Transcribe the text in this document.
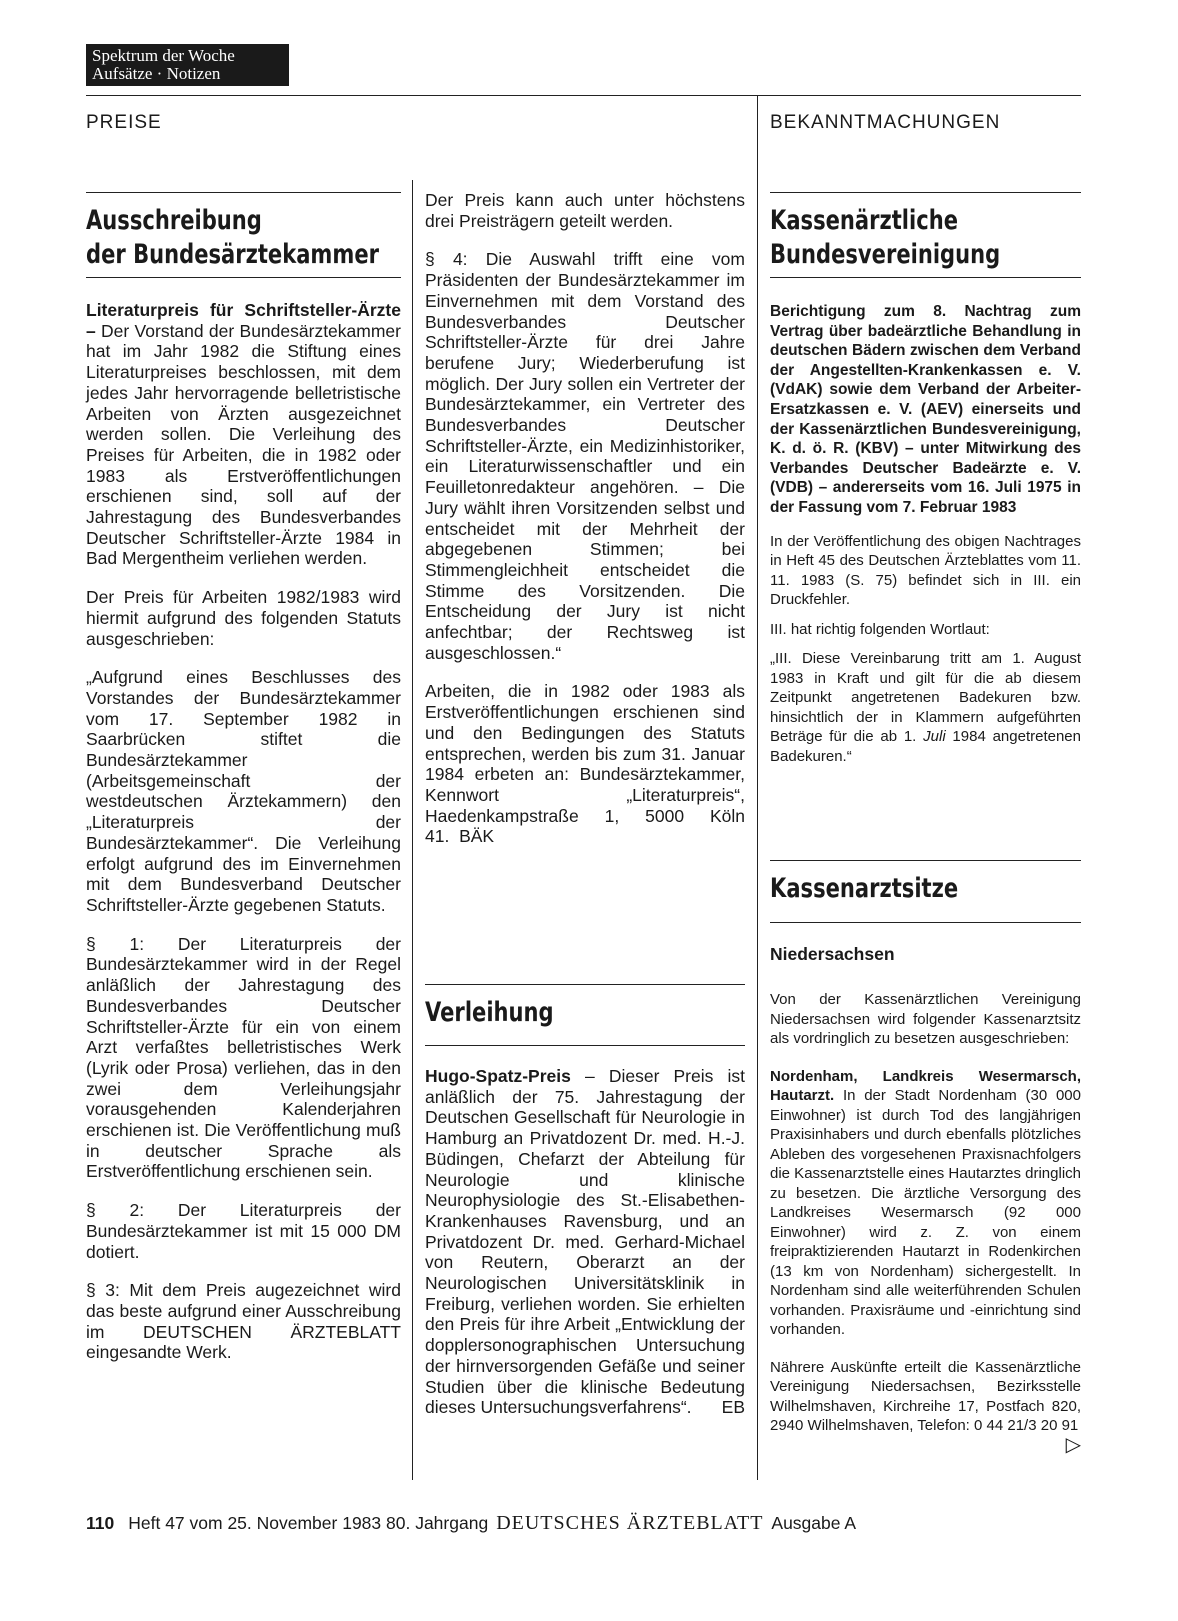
Spektrum der Woche
Aufsätze · Notizen
PREISE	BEKANNTMACHUNGEN
Ausschreibung
der Bundesärztekammer

Literaturpreis für Schriftsteller-Ärzte – Der Vorstand der Bundesärztekammer hat im Jahr 1982 die Stiftung eines Literaturpreises beschlossen, mit dem jedes Jahr hervorragende belletristische Arbeiten von Ärzten ausgezeichnet werden sollen. Die Verleihung des Preises für Arbeiten, die in 1982 oder 1983 als Erstveröffentlichungen erschienen sind, soll auf der Jahrestagung des Bundesverbandes Deutscher Schriftsteller-Ärzte 1984 in Bad Mergentheim verliehen werden.

Der Preis für Arbeiten 1982/1983 wird hiermit aufgrund des folgenden Statuts ausgeschrieben:

„Aufgrund eines Beschlusses des Vorstandes der Bundesärztekammer vom 17. September 1982 in Saarbrücken stiftet die Bundesärztekammer (Arbeitsgemeinschaft der westdeutschen Ärztekammern) den „Literaturpreis der Bundesärztekammer“. Die Verleihung erfolgt aufgrund des im Einvernehmen mit dem Bundesverband Deutscher Schriftsteller-Ärzte gegebenen Statuts.

§ 1: Der Literaturpreis der Bundesärztekammer wird in der Regel anläßlich der Jahrestagung des Bundesverbandes Deutscher Schriftsteller-Ärzte für ein von einem Arzt verfaßtes belletristisches Werk (Lyrik oder Prosa) verliehen, das in den zwei dem Verleihungsjahr vorausgehenden Kalenderjahren erschienen ist. Die Veröffentlichung muß in deutscher Sprache als Erstveröffentlichung erschienen sein.

§ 2: Der Literaturpreis der Bundesärztekammer ist mit 15 000 DM dotiert.

§ 3: Mit dem Preis augezeichnet wird das beste aufgrund einer Ausschreibung im DEUTSCHEN ÄRZTEBLATT eingesandte Werk.

Der Preis kann auch unter höchstens drei Preisträgern geteilt werden.

§ 4: Die Auswahl trifft eine vom Präsidenten der Bundesärztekammer im Einvernehmen mit dem Vorstand des Bundesverbandes Deutscher Schriftsteller-Ärzte für drei Jahre berufene Jury; Wiederberufung ist möglich. Der Jury sollen ein Vertreter der Bundesärztekammer, ein Vertreter des Bundesverbandes Deutscher Schriftsteller-Ärzte, ein Medizinhistoriker, ein Literaturwissenschaftler und ein Feuilletonredakteur angehören. – Die Jury wählt ihren Vorsitzenden selbst und entscheidet mit der Mehrheit der abgegebenen Stimmen; bei Stimmengleichheit entscheidet die Stimme des Vorsitzenden. Die Entscheidung der Jury ist nicht anfechtbar; der Rechtsweg ist ausgeschlossen.“

Arbeiten, die in 1982 oder 1983 als Erstveröffentlichungen erschienen sind und den Bedingungen des Statuts entsprechen, werden bis zum 31. Januar 1984 erbeten an: Bundesärztekammer, Kennwort „Literaturpreis“, Haedenkampstraße 1, 5000 Köln 41. BÄK

Verleihung

Hugo-Spatz-Preis – Dieser Preis ist anläßlich der 75. Jahrestagung der Deutschen Gesellschaft für Neurologie in Hamburg an Privatdozent Dr. med. H.-J. Büdingen, Chefarzt der Abteilung für Neurologie und klinische Neurophysiologie des St.-Elisabethen-Krankenhauses Ravensburg, und an Privatdozent Dr. med. Gerhard-Michael von Reutern, Oberarzt an der Neurologischen Universitätsklinik in Freiburg, verliehen worden. Sie erhielten den Preis für ihre Arbeit „Entwicklung der dopplersonographischen Untersuchung der hirnversorgenden Gefäße und seiner Studien über die klinische Bedeutung dieses Untersuchungsverfahrens“. EB

Kassenärztliche
Bundesvereinigung

Berichtigung zum 8. Nachtrag zum Vertrag über badeärztliche Behandlung in deutschen Bädern zwischen dem Verband der Angestellten-Krankenkassen e. V. (VdAK) sowie dem Verband der Arbeiter-Ersatzkassen e. V. (AEV) einerseits und der Kassenärztlichen Bundesvereinigung, K. d. ö. R. (KBV) – unter Mitwirkung des Verbandes Deutscher Badeärzte e. V. (VDB) – andererseits vom 16. Juli 1975 in der Fassung vom 7. Februar 1983

In der Veröffentlichung des obigen Nachtrages in Heft 45 des Deutschen Ärzteblattes vom 11. 11. 1983 (S. 75) befindet sich in III. ein Druckfehler.

III. hat richtig folgenden Wortlaut:

„III. Diese Vereinbarung tritt am 1. August 1983 in Kraft und gilt für die ab diesem Zeitpunkt angetretenen Badekuren bzw. hinsichtlich der in Klammern aufgeführten Beträge für die ab 1. Juli 1984 angetretenen Badekuren.“

Kassenarztsitze
Niedersachsen

Von der Kassenärztlichen Vereinigung Niedersachsen wird folgender Kassenarztsitz als vordringlich zu besetzen ausgeschrieben:

Nordenham, Landkreis Wesermarsch, Hautarzt. In der Stadt Nordenham (30 000 Einwohner) ist durch Tod des langjährigen Praxisinhabers und durch ebenfalls plötzliches Ableben des vorgesehenen Praxisnachfolgers die Kassenarztstelle eines Hautarztes dringlich zu besetzen. Die ärztliche Versorgung des Landkreises Wesermarsch (92 000 Einwohner) wird z. Z. von einem freipraktizierenden Hautarzt in Rodenkirchen (13 km von Nordenham) sichergestellt. In Nordenham sind alle weiterführenden Schulen vorhanden. Praxisräume und -einrichtung sind vorhanden.

Nährere Auskünfte erteilt die Kassenärztliche Vereinigung Niedersachsen, Bezirksstelle Wilhelmshaven, Kirchreihe 17, Postfach 820, 2940 Wilhelmshaven, Telefon: 0 44 21/3 20 91
▷

110 Heft 47 vom 25. November 1983 80. Jahrgang DEUTSCHES ÄRZTEBLATT Ausgabe A
